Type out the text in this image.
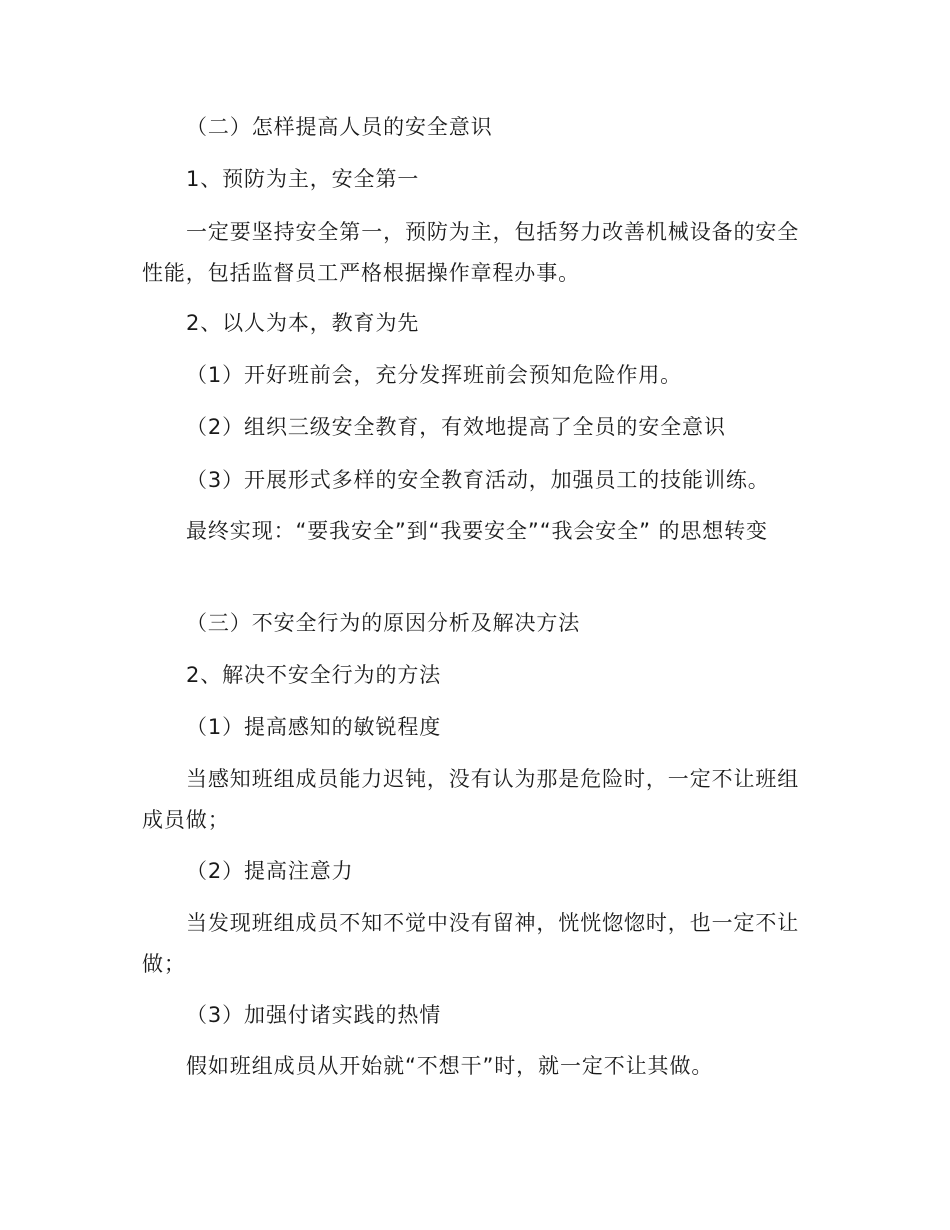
（二）怎样提高人员的安全意识

1、预防为主，安全第一

一定要坚持安全第一，预防为主，包括努力改善机械设备的安全性能，包括监督员工严格根据操作章程办事。

2、以人为本，教育为先

（1）开好班前会，充分发挥班前会预知危险作用。

（2）组织三级安全教育，有效地提高了全员的安全意识

（3）开展形式多样的安全教育活动，加强员工的技能训练。

最终实现：“要我安全”到“我要安全”“我会安全” 的思想转变

（三）不安全行为的原因分析及解决方法

2、解决不安全行为的方法

（1）提高感知的敏锐程度

当感知班组成员能力迟钝，没有认为那是危险时，一定不让班组成员做；

（2）提高注意力

当发现班组成员不知不觉中没有留神，恍恍惚惚时，也一定不让做；

（3）加强付诸实践的热情

假如班组成员从开始就“不想干”时，就一定不让其做。
